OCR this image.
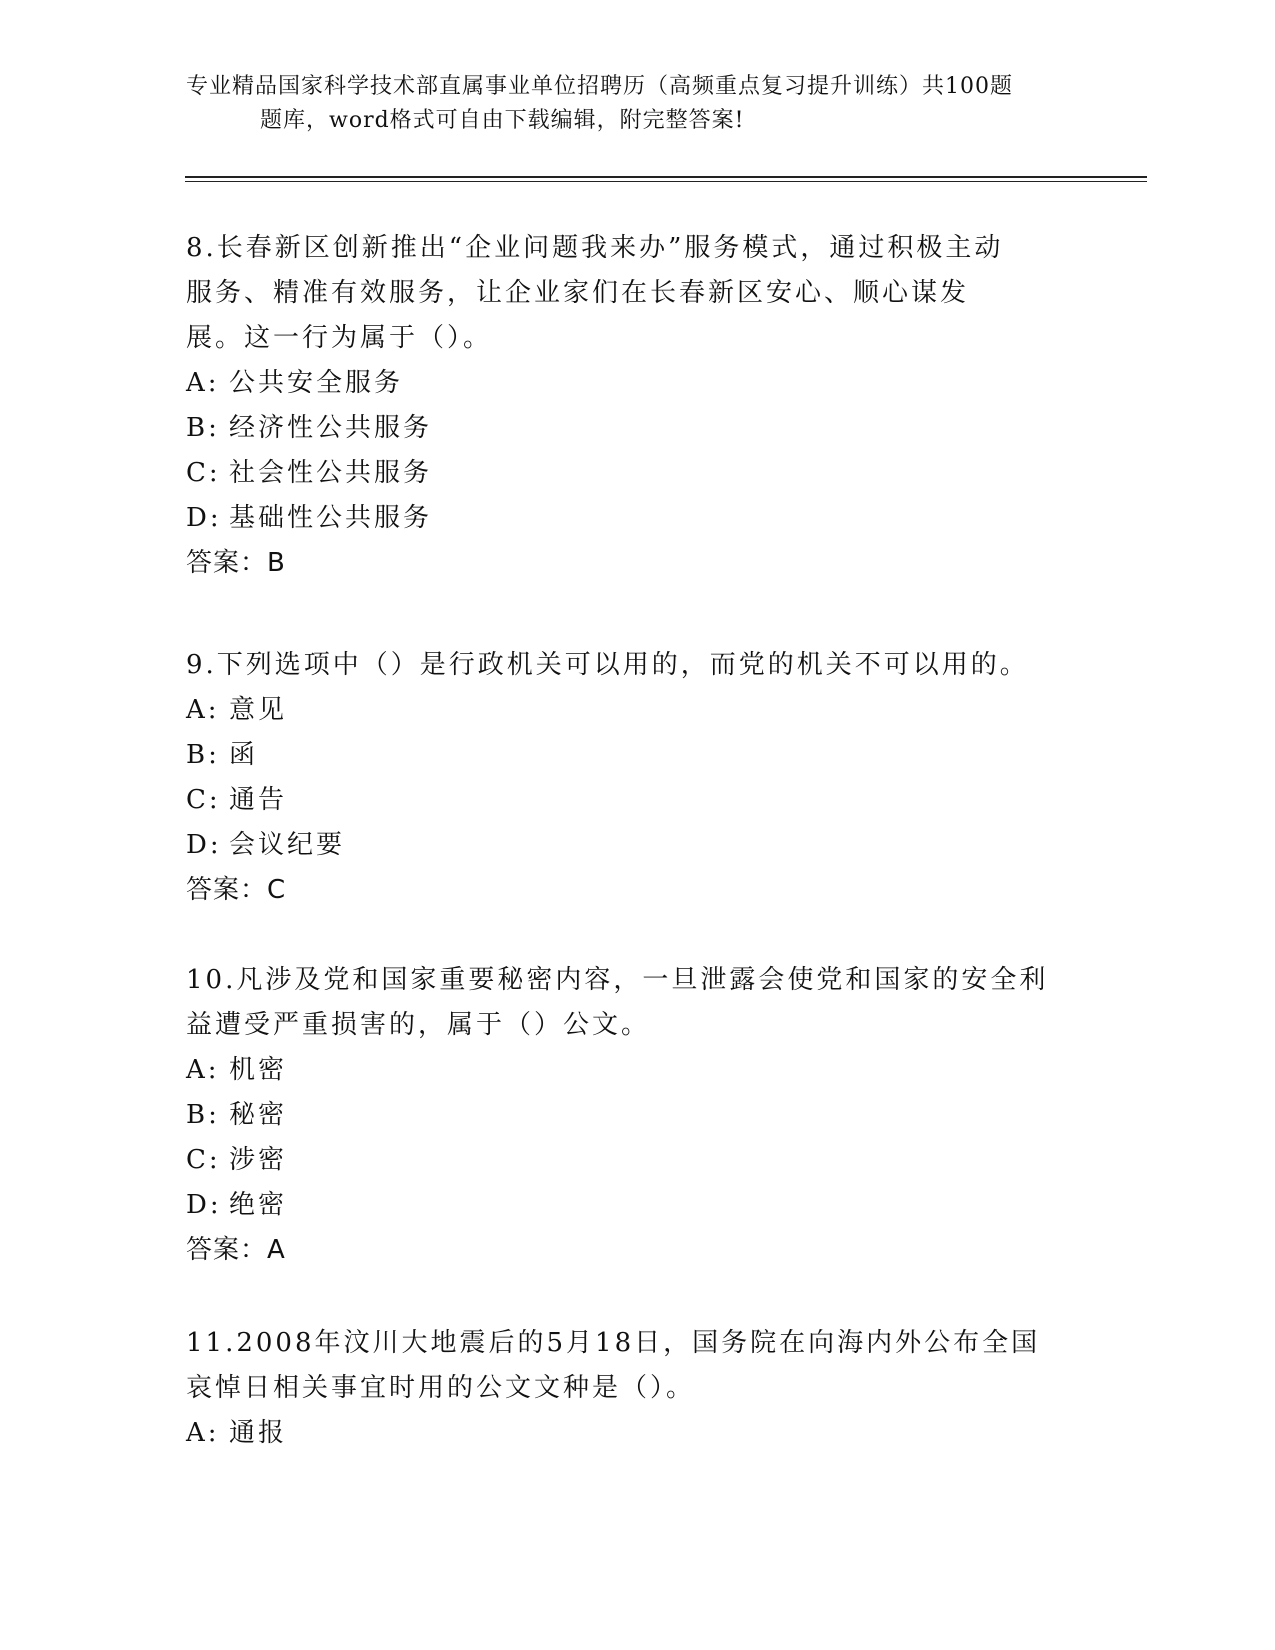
专业精品国家科学技术部直属事业单位招聘历（高频重点复习提升训练）共100题
题库，word格式可自由下载编辑，附完整答案!

8.长春新区创新推出“企业问题我来办”服务模式，通过积极主动服务、精准有效服务，让企业家们在长春新区安心、顺心谋发展。这一行为属于（）。

A: 公共安全服务

B: 经济性公共服务

C: 社会性公共服务

D: 基础性公共服务

答案：B

9.下列选项中（）是行政机关可以用的，而党的机关不可以用的。

A: 意见

B: 函

C: 通告

D: 会议纪要

答案：C

10.凡涉及党和国家重要秘密内容，一旦泄露会使党和国家的安全利益遭受严重损害的，属于（）公文。

A: 机密

B: 秘密

C: 涉密

D: 绝密

答案：A

11.2008年汶川大地震后的5月18日，国务院在向海内外公布全国哀悼日相关事宜时用的公文文种是（）。

A: 通报
